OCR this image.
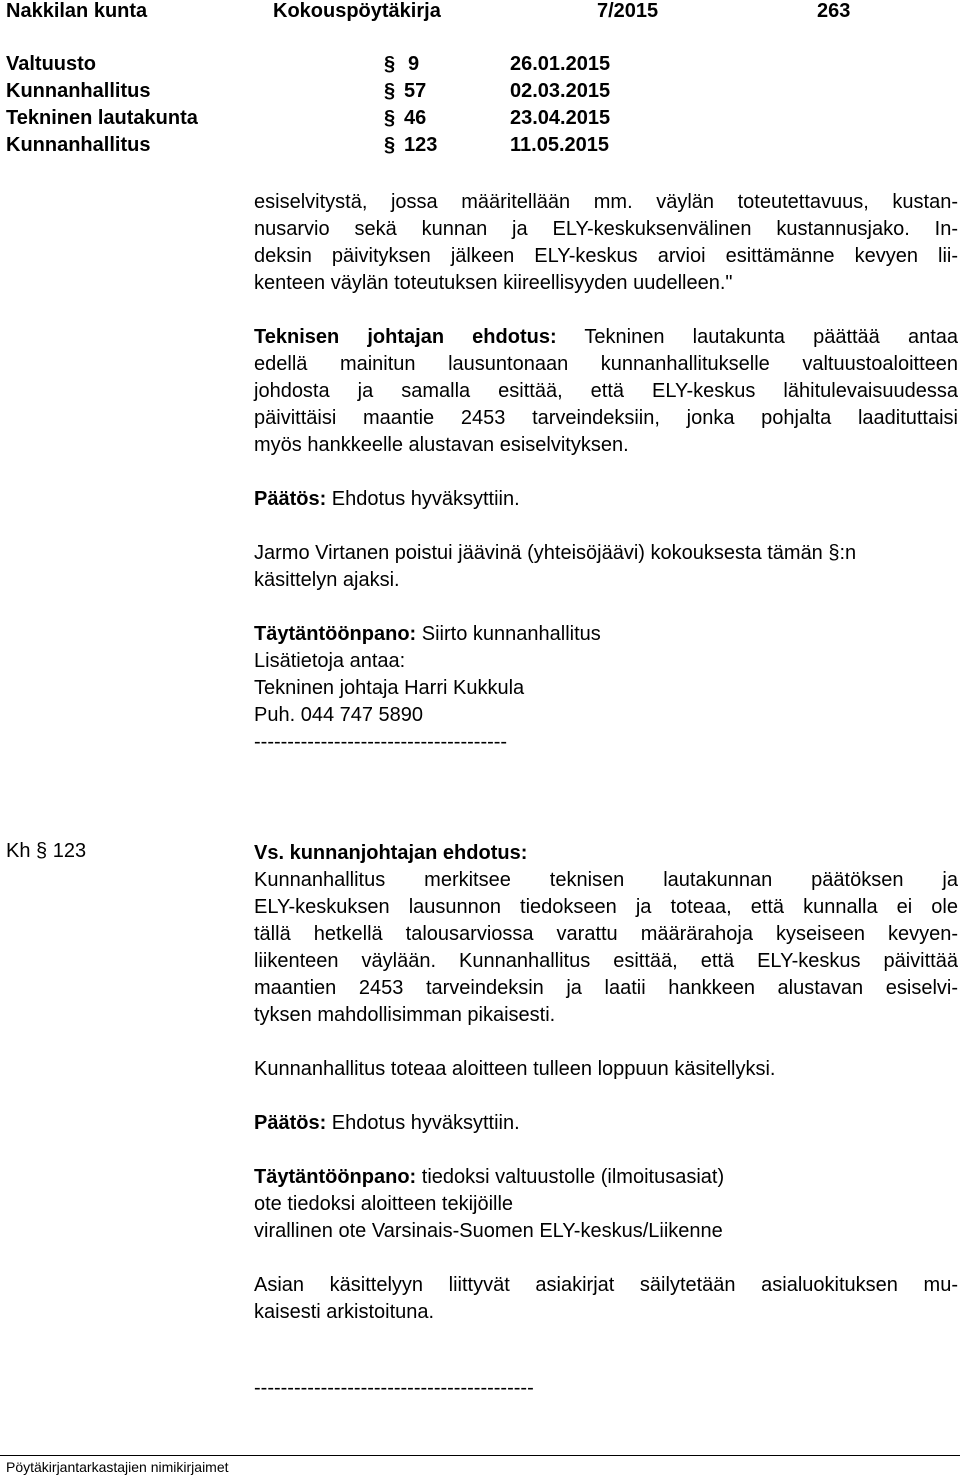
Nakkilan kunta	Kokouspöytäkirja	7/2015	263
Valtuusto	§ 9	26.01.2015
Kunnanhallitus	§ 57	02.03.2015
Tekninen lautakunta	§ 46	23.04.2015
Kunnanhallitus	§ 123	11.05.2015
esiselvitystä, jossa määritellään mm. väylän toteutettavuus, kustan-
nusarvio sekä kunnan ja ELY-keskuksenvälinen kustannusjako. In-
deksin päivityksen jälkeen ELY-keskus arvioi esittämänne kevyen lii-
kenteen väylän toteutuksen kiireellisyyden uudelleen."
Teknisen johtajan ehdotus: Tekninen lautakunta päättää antaa
edellä mainitun lausuntonaan kunnanhallitukselle valtuustoaloitteen
johdosta ja samalla esittää, että ELY-keskus lähitulevaisuudessa
päivittäisi maantie 2453 tarveindeksiin, jonka pohjalta laadituttaisi
myös hankkeelle alustavan esiselvityksen.
Päätös: Ehdotus hyväksyttiin.
Jarmo Virtanen poistui jäävinä (yhteisöjäävi) kokouksesta tämän §:n
käsittelyn ajaksi.
Täytäntöönpano: Siirto kunnanhallitus
Lisätietoja antaa:
Tekninen johtaja Harri Kukkula
Puh. 044 747 5890
--------------------------------------
Kh § 123	Vs. kunnanjohtajan ehdotus:
Kunnanhallitus merkitsee teknisen lautakunnan päätöksen ja
ELY-keskuksen lausunnon tiedokseen ja toteaa, että kunnalla ei ole
tällä hetkellä talousarviossa varattu määrärahoja kyseiseen kevyen-
liikenteen väylään. Kunnanhallitus esittää, että ELY-keskus päivittää
maantien 2453 tarveindeksin ja laatii hankkeen alustavan esiselvi-
tyksen mahdollisimman pikaisesti.
Kunnanhallitus toteaa aloitteen tulleen loppuun käsitellyksi.
Päätös: Ehdotus hyväksyttiin.
Täytäntöönpano: tiedoksi valtuustolle (ilmoitusasiat)
ote tiedoksi aloitteen tekijöille
virallinen ote Varsinais-Suomen ELY-keskus/Liikenne
Asian käsittelyyn liittyvät asiakirjat säilytetään asialuokituksen mu-
kaisesti arkistoituna.
------------------------------------------
Pöytäkirjantarkastajien nimikirjaimet
